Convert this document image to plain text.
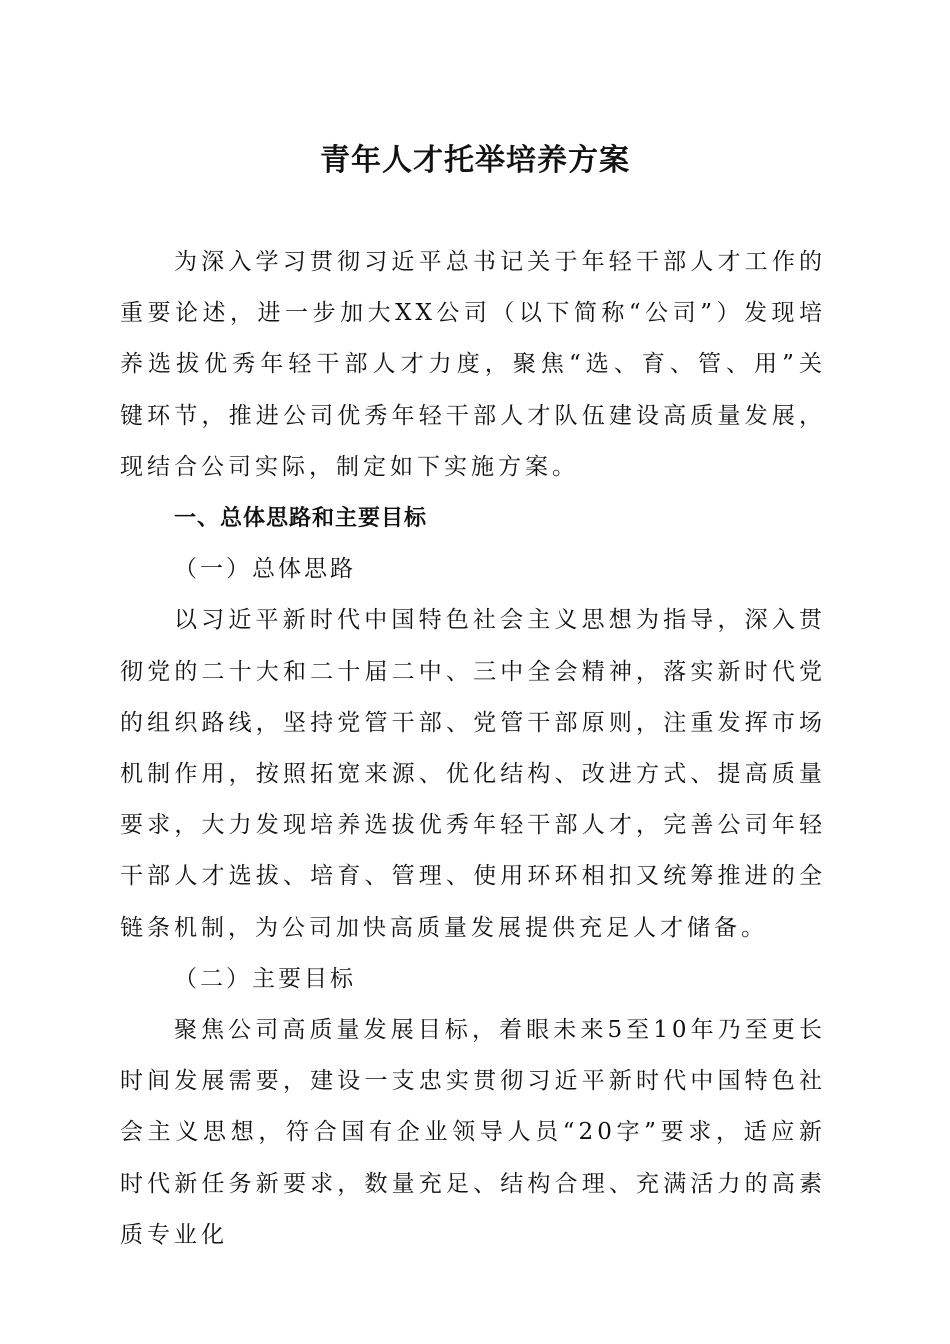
青年人才托举培养方案

为深入学习贯彻习近平总书记关于年轻干部人才工作的重要论述，进一步加大XX公司（以下简称“公司”）发现培养选拔优秀年轻干部人才力度，聚焦“选、育、管、用”关键环节，推进公司优秀年轻干部人才队伍建设高质量发展，现结合公司实际，制定如下实施方案。

一、总体思路和主要目标

（一）总体思路

以习近平新时代中国特色社会主义思想为指导，深入贯彻党的二十大和二十届二中、三中全会精神，落实新时代党的组织路线，坚持党管干部、党管干部原则，注重发挥市场机制作用，按照拓宽来源、优化结构、改进方式、提高质量要求，大力发现培养选拔优秀年轻干部人才，完善公司年轻干部人才选拔、培育、管理、使用环环相扣又统筹推进的全链条机制，为公司加快高质量发展提供充足人才储备。

（二）主要目标

聚焦公司高质量发展目标，着眼未来5至10年乃至更长时间发展需要，建设一支忠实贯彻习近平新时代中国特色社会主义思想，符合国有企业领导人员“20字”要求，适应新时代新任务新要求，数量充足、结构合理、充满活力的高素质专业化
